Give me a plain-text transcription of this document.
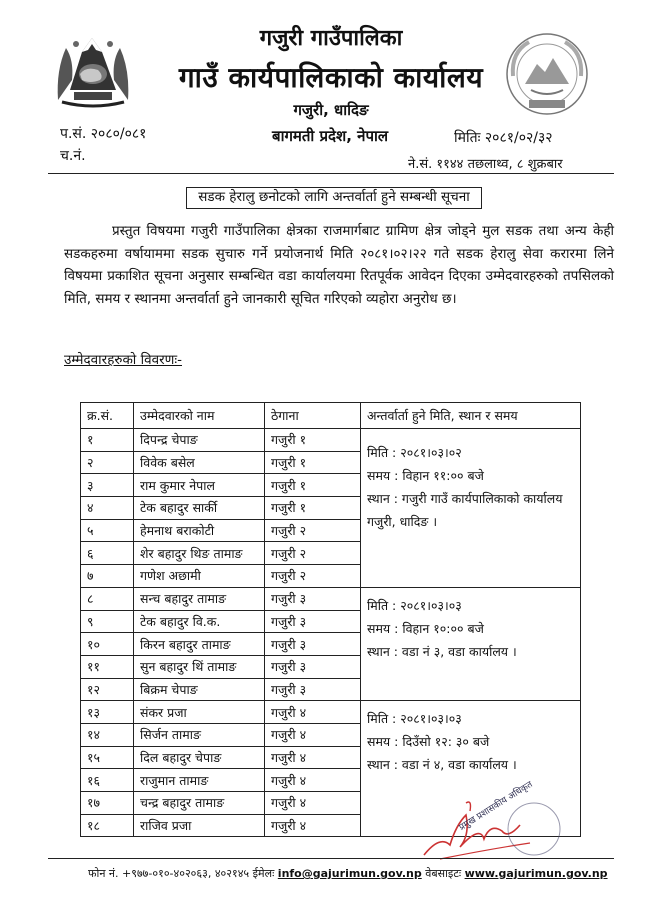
गजुरी गाउँपालिका
गाउँ कार्यपालिकाको कार्यालय
गजुरी, धादिङ
बागमती प्रदेश, नेपाल
प.सं. २०८०/०८१
च.नं.
मितिः २०८१/०२/३२
ने.सं. ११४४ तछलाथ्व, ८ शुक्रबार
सडक हेरालु छनोटको लागि अन्तर्वार्ता हुने सम्बन्धी सूचना
प्रस्तुत विषयमा गजुरी गाउँपालिका क्षेत्रका राजमार्गबाट ग्रामिण क्षेत्र जोड्ने मुल सडक तथा अन्य केही सडकहरुमा वर्षायाममा सडक सुचारु गर्ने प्रयोजनार्थ मिति २०८१।०२।२२ गते सडक हेरालु सेवा करारमा लिने विषयमा प्रकाशित सूचना अनुसार सम्बन्धित वडा कार्यालयमा रितपूर्वक आवेदन दिएका उम्मेदवारहरुको तपसिलको मिति, समय र स्थानमा अन्तर्वार्ता हुने जानकारी सूचित गरिएको व्यहोरा अनुरोध छ।
उम्मेदवारहरुको विवरणः-
क्र.सं.	उम्मेदवारको नाम	ठेगाना	अन्तर्वार्ता हुने मिति, स्थान र समय
१	दिपन्द्र चेपाङ	गजुरी १	मिति : २०८१।०३।०२
समय : विहान ११:०० बजे
स्थान : गजुरी गाउँ कार्यपालिकाको कार्यालय गजुरी, धादिङ ।

२	विवेक बसेल	गजुरी १	
३	राम कुमार नेपाल	गजुरी १	
४	टेक बहादुर सार्की	गजुरी १	
५	हेमनाथ बराकोटी	गजुरी २	
६	शेर बहादुर थिङ तामाङ	गजुरी २	
७	गणेश अछामी	गजुरी २	
८	सन्च बहादुर तामाङ	गजुरी ३	मिति : २०८१।०३।०३
समय : विहान १०:०० बजे
स्थान : वडा नं ३, वडा कार्यालय ।

९	टेक बहादुर वि.क.	गजुरी ३	
१०	किरन बहादुर तामाङ	गजुरी ३	
११	सुन बहादुर थिं तामाङ	गजुरी ३	
१२	बिक्रम चेपाङ	गजुरी ३	
१३	संकर प्रजा	गजुरी ४	मिति : २०८१।०३।०३
समय : दिउँसो १२: ३० बजे
स्थान : वडा नं ४, वडा कार्यालय ।

१४	सिर्जन तामाङ	गजुरी ४	
१५	दिल बहादुर चेपाङ	गजुरी ४	
१६	राजुमान तामाङ	गजुरी ४	
१७	चन्द्र बहादुर तामाङ	गजुरी ४	
१८	राजिव प्रजा	गजुरी ४		प्रमुख प्रशासकीय अधिकृत
फोन नं. +९७७-०१०-४०२०६३, ४०२१४५ ईमेलः info@gajurimun.gov.np वेबसाइटः www.gajurimun.gov.np
